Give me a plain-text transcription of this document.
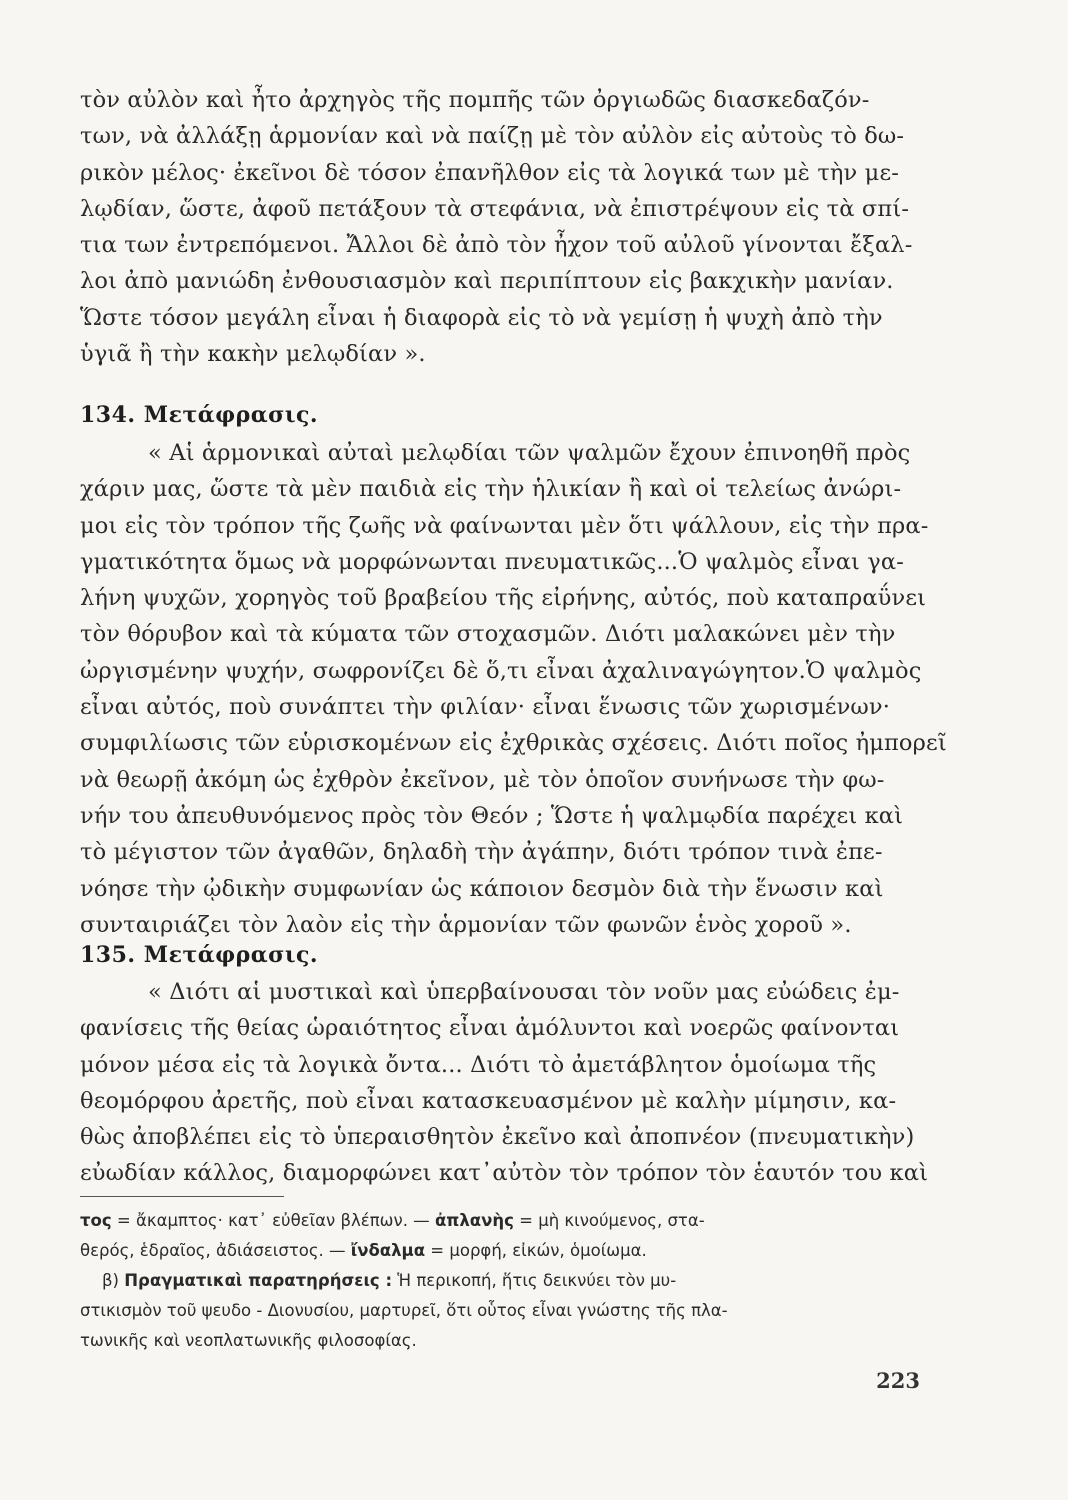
τὸν αὐλὸν καὶ ἦτο ἀρχηγὸς τῆς πομπῆς τῶν ὀργιωδῶς διασκεδαζόν-
των, νὰ ἀλλάξῃ ἁρμονίαν καὶ νὰ παίζῃ μὲ τὸν αὐλὸν εἰς αὐτοὺς τὸ δω-
ρικὸν μέλος· ἐκεῖνοι δὲ τόσον ἐπανῆλθον εἰς τὰ λογικά των μὲ τὴν με-
λῳδίαν, ὥστε, ἀφοῦ πετάξουν τὰ στεφάνια, νὰ ἐπιστρέψουν εἰς τὰ σπί-
τια των ἐντρεπόμενοι. Ἄλλοι δὲ ἀπὸ τὸν ἦχον τοῦ αὐλοῦ γίνονται ἔξαλ-
λοι ἀπὸ μανιώδη ἐνθουσιασμὸν καὶ περιπίπτουν εἰς βακχικὴν μανίαν.
Ὥστε τόσον μεγάλη εἶναι ἡ διαφορὰ εἰς τὸ νὰ γεμίσῃ ἡ ψυχὴ ἀπὸ τὴν
ὑγιᾶ ἢ τὴν κακὴν μελῳδίαν ».
134. Μετάφρασις.
« Αἱ ἁρμονικαὶ αὐταὶ μελῳδίαι τῶν ψαλμῶν ἔχουν ἐπινοηθῆ πρὸς
χάριν μας, ὥστε τὰ μὲν παιδιὰ εἰς τὴν ἡλικίαν ἢ καὶ οἱ τελείως ἀνώρι-
μοι εἰς τὸν τρόπον τῆς ζωῆς νὰ φαίνωνται μὲν ὅτι ψάλλουν, εἰς τὴν πρα-
γματικότητα ὅμως νὰ μορφώνωνται πνευματικῶς...Ὁ ψαλμὸς εἶναι γα-
λήνη ψυχῶν, χορηγὸς τοῦ βραβείου τῆς εἰρήνης, αὐτός, ποὺ καταπραΰνει
τὸν θόρυβον καὶ τὰ κύματα τῶν στοχασμῶν. Διότι μαλακώνει μὲν τὴν
ὠργισμένην ψυχήν, σωφρονίζει δὲ ὅ,τι εἶναι ἀχαλιναγώγητον.Ὁ ψαλμὸς
εἶναι αὐτός, ποὺ συνάπτει τὴν φιλίαν· εἶναι ἕνωσις τῶν χωρισμένων·
συμφιλίωσις τῶν εὑρισκομένων εἰς ἐχθρικὰς σχέσεις. Διότι ποῖος ἠμπορεῖ
νὰ θεωρῇ ἀκόμη ὡς ἐχθρὸν ἐκεῖνον, μὲ τὸν ὁποῖον συνήνωσε τὴν φω-
νήν του ἀπευθυνόμενος πρὸς τὸν Θεόν ; Ὥστε ἡ ψαλμῳδία παρέχει καὶ
τὸ μέγιστον τῶν ἀγαθῶν, δηλαδὴ τὴν ἀγάπην, διότι τρόπον τινὰ ἐπε-
νόησε τὴν ᾠδικὴν συμφωνίαν ὡς κάποιον δεσμὸν διὰ τὴν ἕνωσιν καὶ
συνταιριάζει τὸν λαὸν εἰς τὴν ἁρμονίαν τῶν φωνῶν ἑνὸς χοροῦ ».
135. Μετάφρασις.
« Διότι αἱ μυστικαὶ καὶ ὑπερβαίνουσαι τὸν νοῦν μας εὐώδεις ἐμ-
φανίσεις τῆς θείας ὡραιότητος εἶναι ἀμόλυντοι καὶ νοερῶς φαίνονται
μόνον μέσα εἰς τὰ λογικὰ ὄντα... Διότι τὸ ἀμετάβλητον ὁμοίωμα τῆς
θεομόρφου ἀρετῆς, ποὺ εἶναι κατασκευασμένον μὲ καλὴν μίμησιν, κα-
θὼς ἀποβλέπει εἰς τὸ ὑπεραισθητὸν ἐκεῖνο καὶ ἀποπνέον (πνευματικὴν)
εὐωδίαν κάλλος, διαμορφώνει κατ᾽αὐτὸν τὸν τρόπον τὸν ἑαυτόν του καὶ
τος = ἄκαμπτος· κατ᾽ εὐθεῖαν βλέπων. — ἀπλανὴς = μὴ κινούμενος, στα-
θερός, ἑδραῖος, ἀδιάσειστος. — ἴνδαλμα = μορφή, εἰκών, ὁμοίωμα.
β) Πραγματικαὶ παρατηρήσεις : Ἡ περικοπή, ἥτις δεικνύει τὸν μυ-
στικισμὸν τοῦ ψευδο - Διονυσίου, μαρτυρεῖ, ὅτι οὗτος εἶναι γνώστης τῆς πλα-
τωνικῆς καὶ νεοπλατωνικῆς φιλοσοφίας.
223
